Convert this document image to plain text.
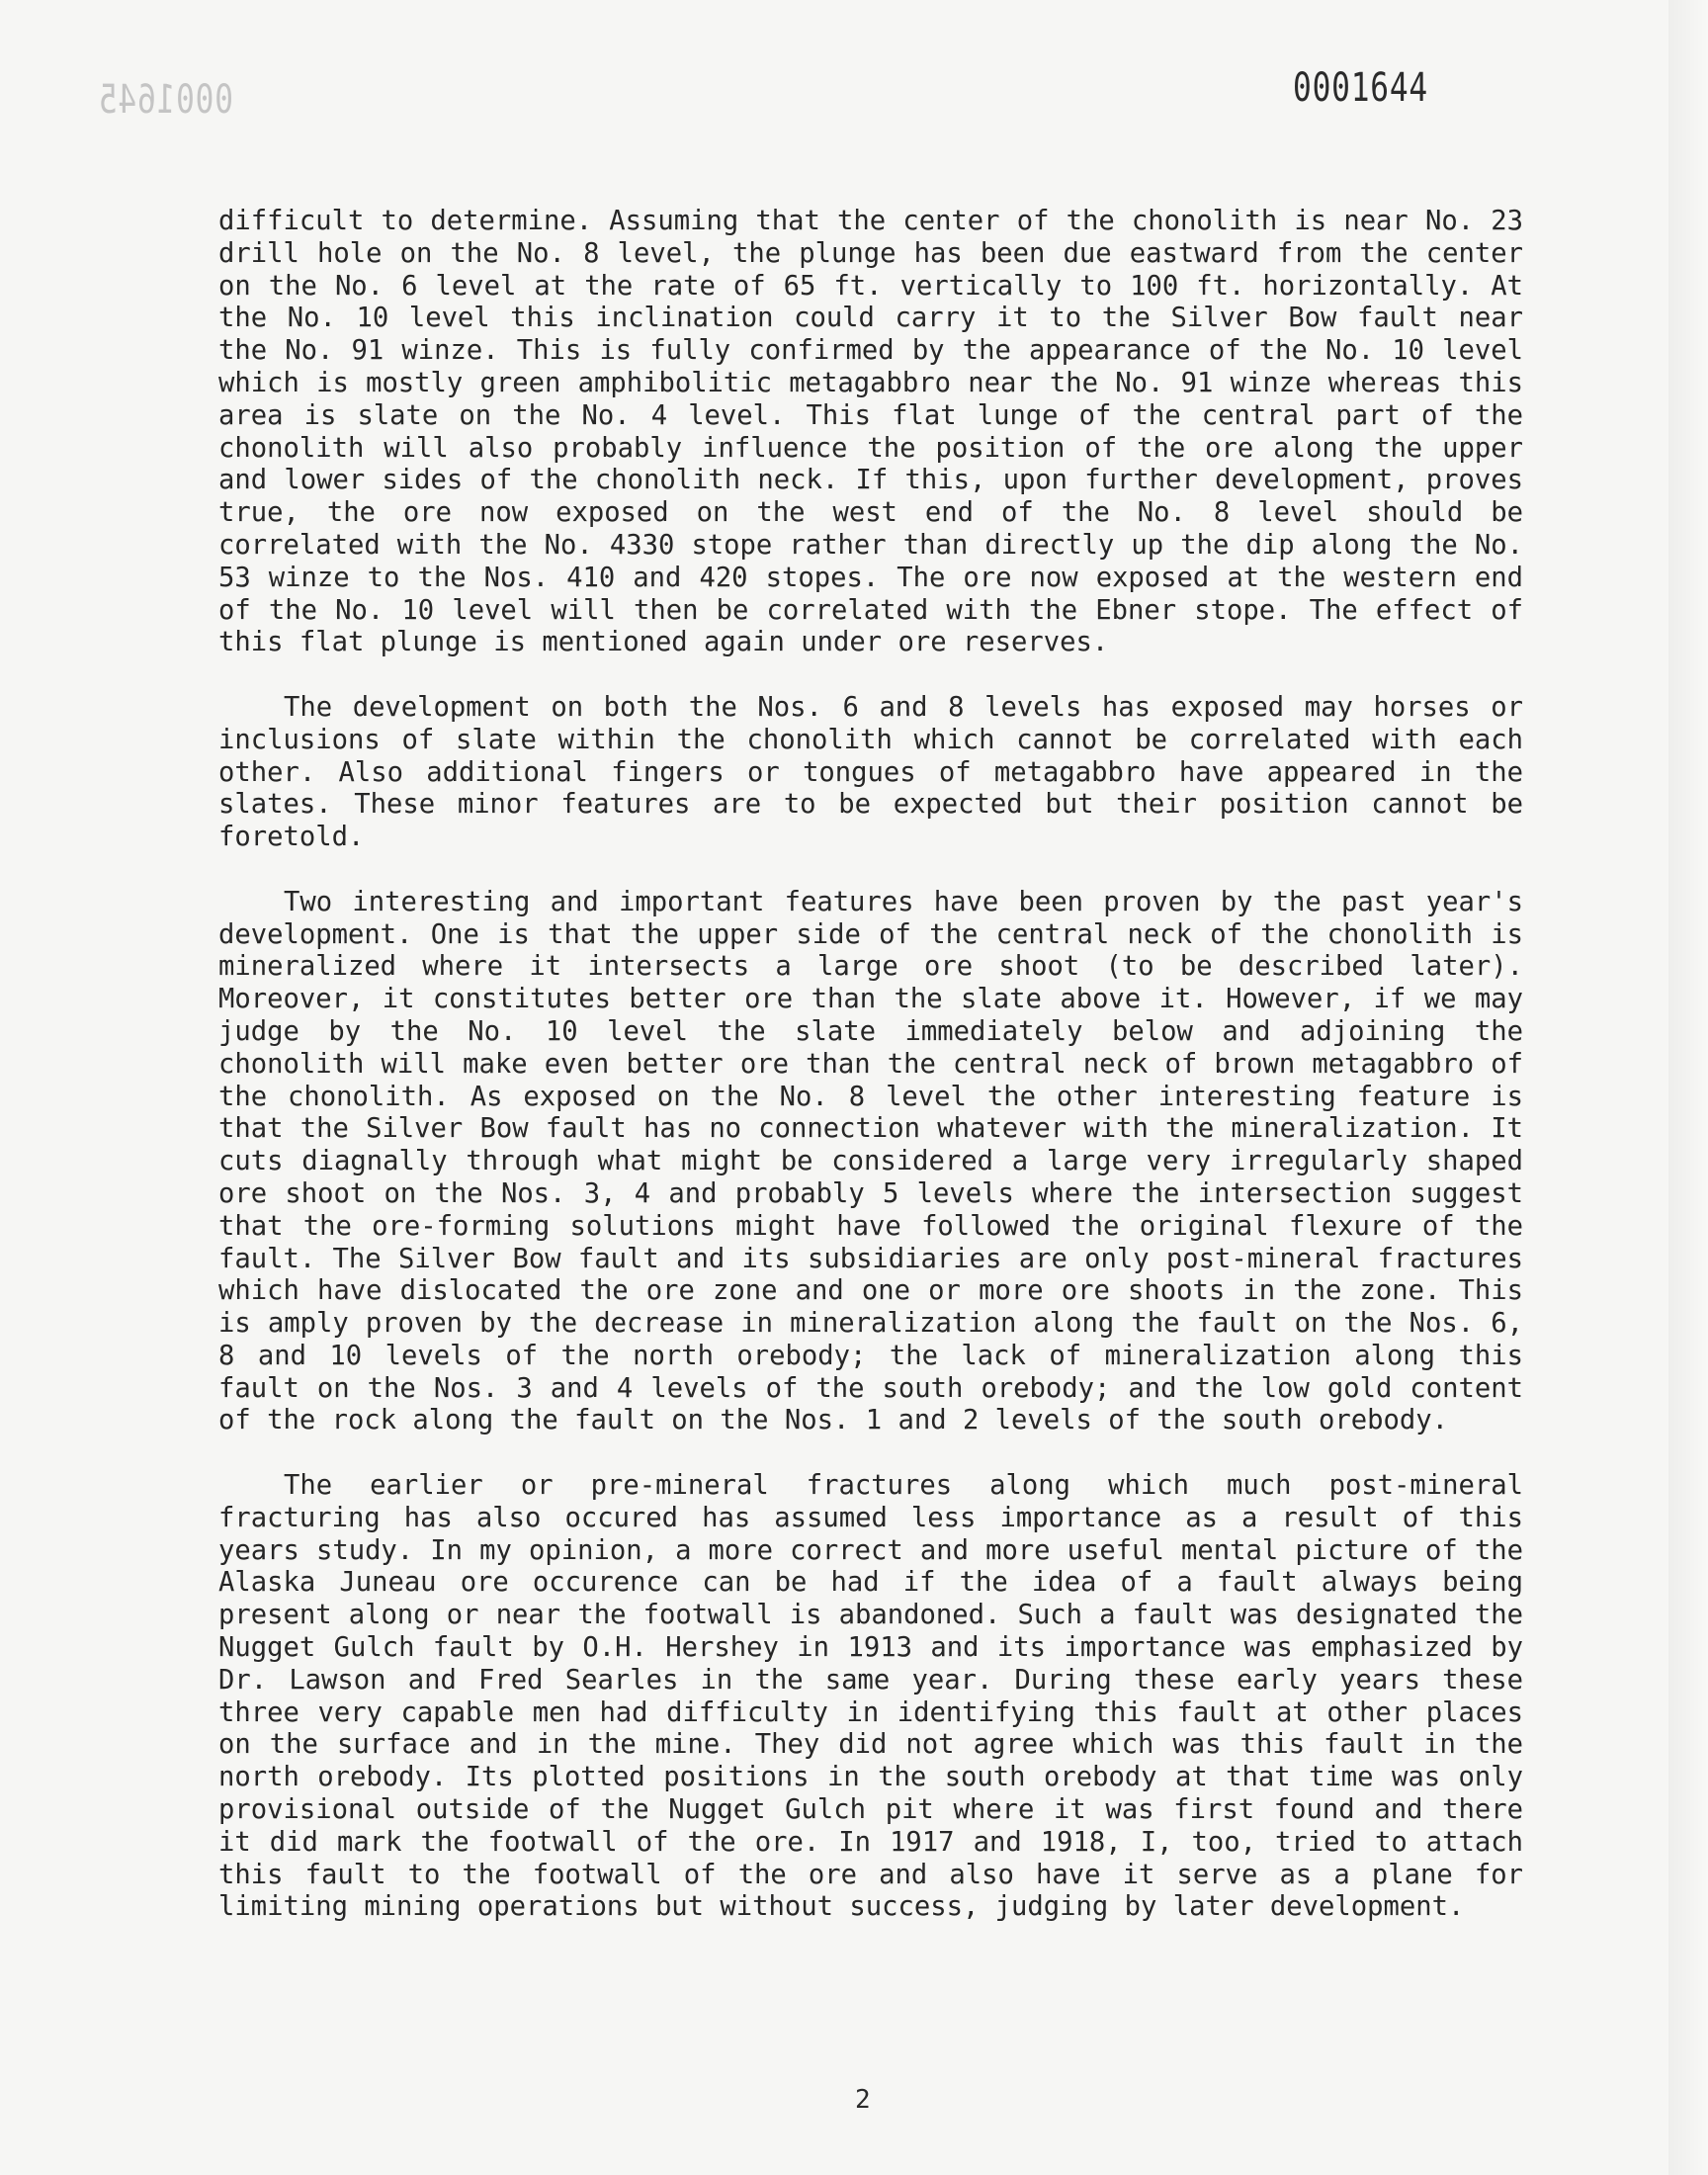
0001645	0001644

difficult to determine. Assuming that the center of the chonolith is near No. 23 drill hole on the No. 8 level, the plunge has been due eastward from the center on the No. 6 level at the rate of 65 ft. vertically to 100 ft. horizontally. At the No. 10 level this inclination could carry it to the Silver Bow fault near the No. 91 winze. This is fully confirmed by the appearance of the No. 10 level which is mostly green amphibolitic metagabbro near the No. 91 winze whereas this area is slate on the No. 4 level. This flat lunge of the central part of the chonolith will also probably influence the position of the ore along the upper and lower sides of the chonolith neck. If this, upon further development, proves true, the ore now exposed on the west end of the No. 8 level should be correlated with the No. 4330 stope rather than directly up the dip along the No. 53 winze to the Nos. 410 and 420 stopes. The ore now exposed at the western end of the No. 10 level will then be correlated with the Ebner stope. The effect of this flat plunge is mentioned again under ore reserves.

The development on both the Nos. 6 and 8 levels has exposed may horses or inclusions of slate within the chonolith which cannot be correlated with each other. Also additional fingers or tongues of metagabbro have appeared in the slates. These minor features are to be expected but their position cannot be foretold.

Two interesting and important features have been proven by the past year's development. One is that the upper side of the central neck of the chonolith is mineralized where it intersects a large ore shoot (to be described later). Moreover, it constitutes better ore than the slate above it. However, if we may judge by the No. 10 level the slate immediately below and adjoining the chonolith will make even better ore than the central neck of brown metagabbro of the chonolith. As exposed on the No. 8 level the other interesting feature is that the Silver Bow fault has no connection whatever with the mineralization. It cuts diagnally through what might be considered a large very irregularly shaped ore shoot on the Nos. 3, 4 and probably 5 levels where the intersection suggest that the ore-forming solutions might have followed the original flexure of the fault. The Silver Bow fault and its subsidiaries are only post-mineral fractures which have dislocated the ore zone and one or more ore shoots in the zone. This is amply proven by the decrease in mineralization along the fault on the Nos. 6, 8 and 10 levels of the north orebody; the lack of mineralization along this fault on the Nos. 3 and 4 levels of the south orebody; and the low gold content of the rock along the fault on the Nos. 1 and 2 levels of the south orebody.

The earlier or pre-mineral fractures along which much post-mineral fracturing has also occured has assumed less importance as a result of this years study. In my opinion, a more correct and more useful mental picture of the Alaska Juneau ore occurence can be had if the idea of a fault always being present along or near the footwall is abandoned. Such a fault was designated the Nugget Gulch fault by O.H. Hershey in 1913 and its importance was emphasized by Dr. Lawson and Fred Searles in the same year. During these early years these three very capable men had difficulty in identifying this fault at other places on the surface and in the mine. They did not agree which was this fault in the north orebody. Its plotted positions in the south orebody at that time was only provisional outside of the Nugget Gulch pit where it was first found and there it did mark the footwall of the ore. In 1917 and 1918, I, too, tried to attach this fault to the footwall of the ore and also have it serve as a plane for limiting mining operations but without success, judging by later development.

2
